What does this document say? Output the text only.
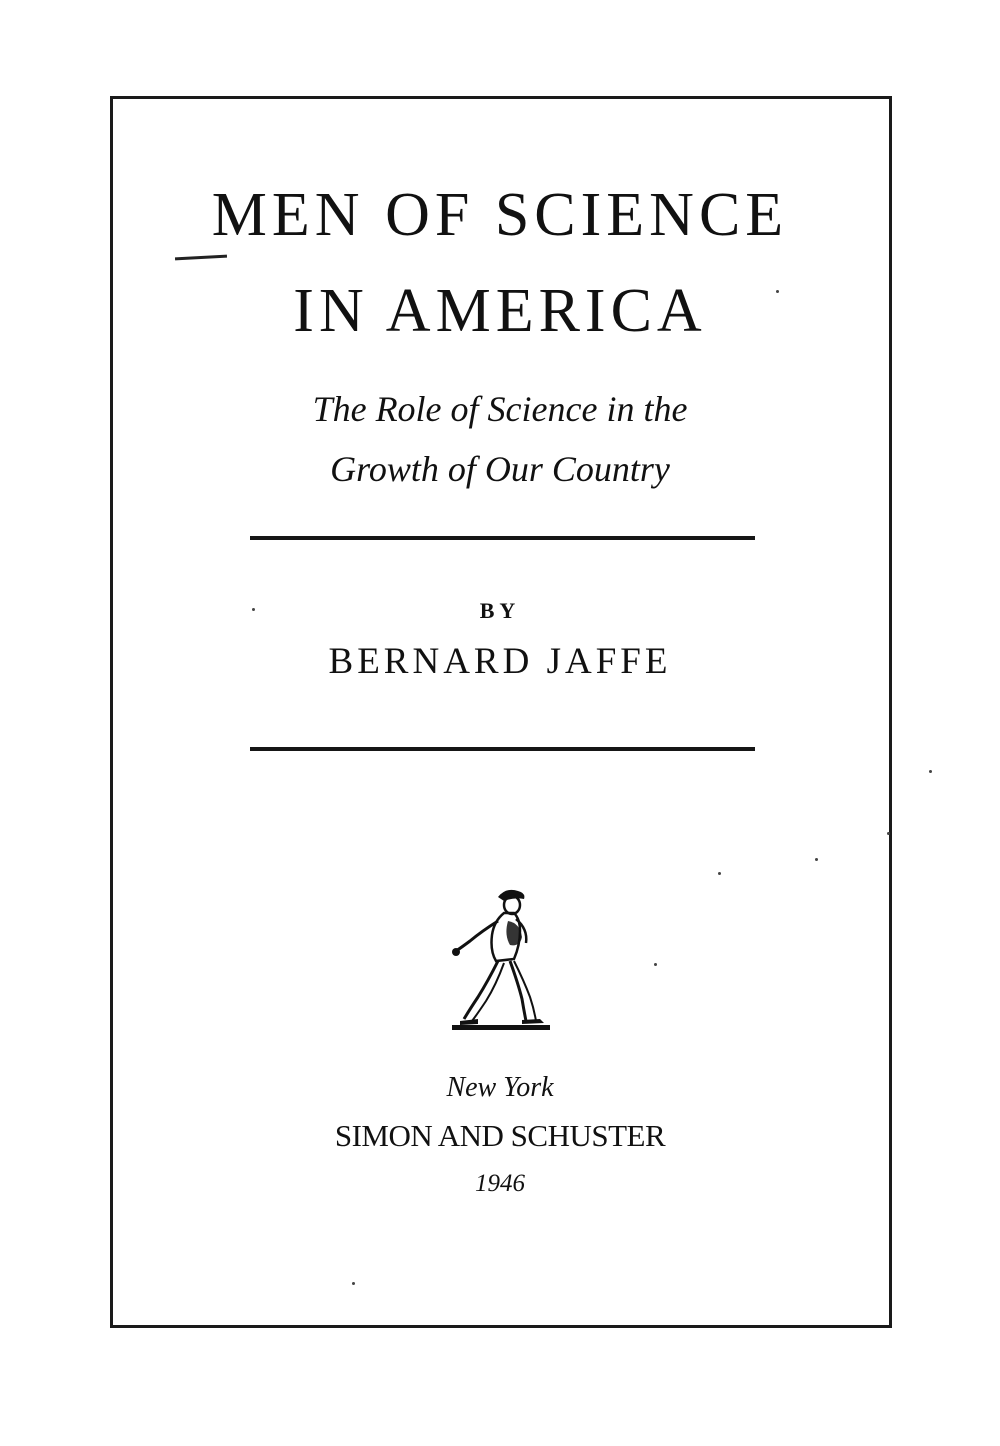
MEN OF SCIENCE
IN AMERICA
The Role of Science in the
Growth of Our Country
BY
BERNARD JAFFE
New York
SIMON AND SCHUSTER
1946
